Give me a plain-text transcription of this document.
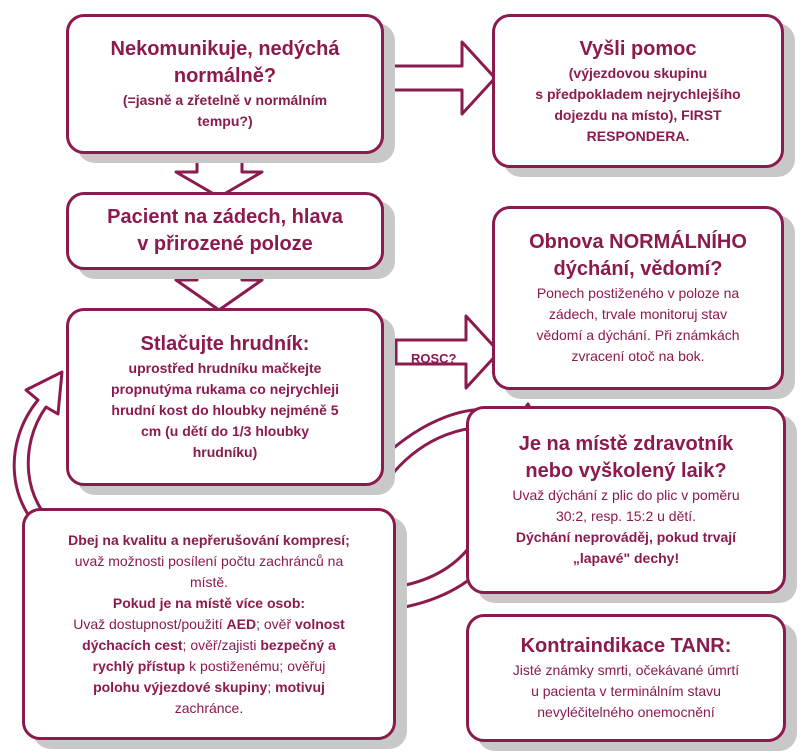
Nekomunikuje, nedýchá
normálně?
(=jasně a zřetelně v normálním
tempu?)
Vyšli pomoc
(výjezdovou skupinu
s předpokladem nejrychlejšího
dojezdu na místo), FIRST
RESPONDERA.
Pacient na zádech, hlava
v přirozené poloze	Obnova NORMÁLNÍHO
dýchání, vědomí?
Ponech postiženého v poloze na
zádech, trvale monitoruj stav
vědomí a dýchání. Při známkách
zvracení otoč na bok.
Stlačujte hrudník:
uprostřed hrudníku mačkejte
propnutýma rukama co nejrychleji
hrudní kost do hloubky nejméně 5
cm (u dětí do 1/3 hloubky
hrudníku)
ROSC?
Je na místě zdravotník
nebo vyškolený laik?
Uvaž dýchání z plic do plic v poměru
30:2, resp. 15:2 u dětí.
Dýchání neprováděj, pokud trvají
„lapavé" dechy!
Dbej na kvalitu a nepřerušování kompresí;
uvaž možnosti posílení počtu zachránců na
místě.
Pokud je na místě více osob:
Uvaž dostupnost/použití AED; ověř volnost
dýchacích cest; ověř/zajisti bezpečný a
rychlý přístup k postiženému; ověřuj
polohu výjezdové skupiny; motivuj
zachránce.
Kontraindikace TANR:
Jisté známky smrti, očekávané úmrtí
u pacienta v terminálním stavu
nevyléčitelného onemocnění
